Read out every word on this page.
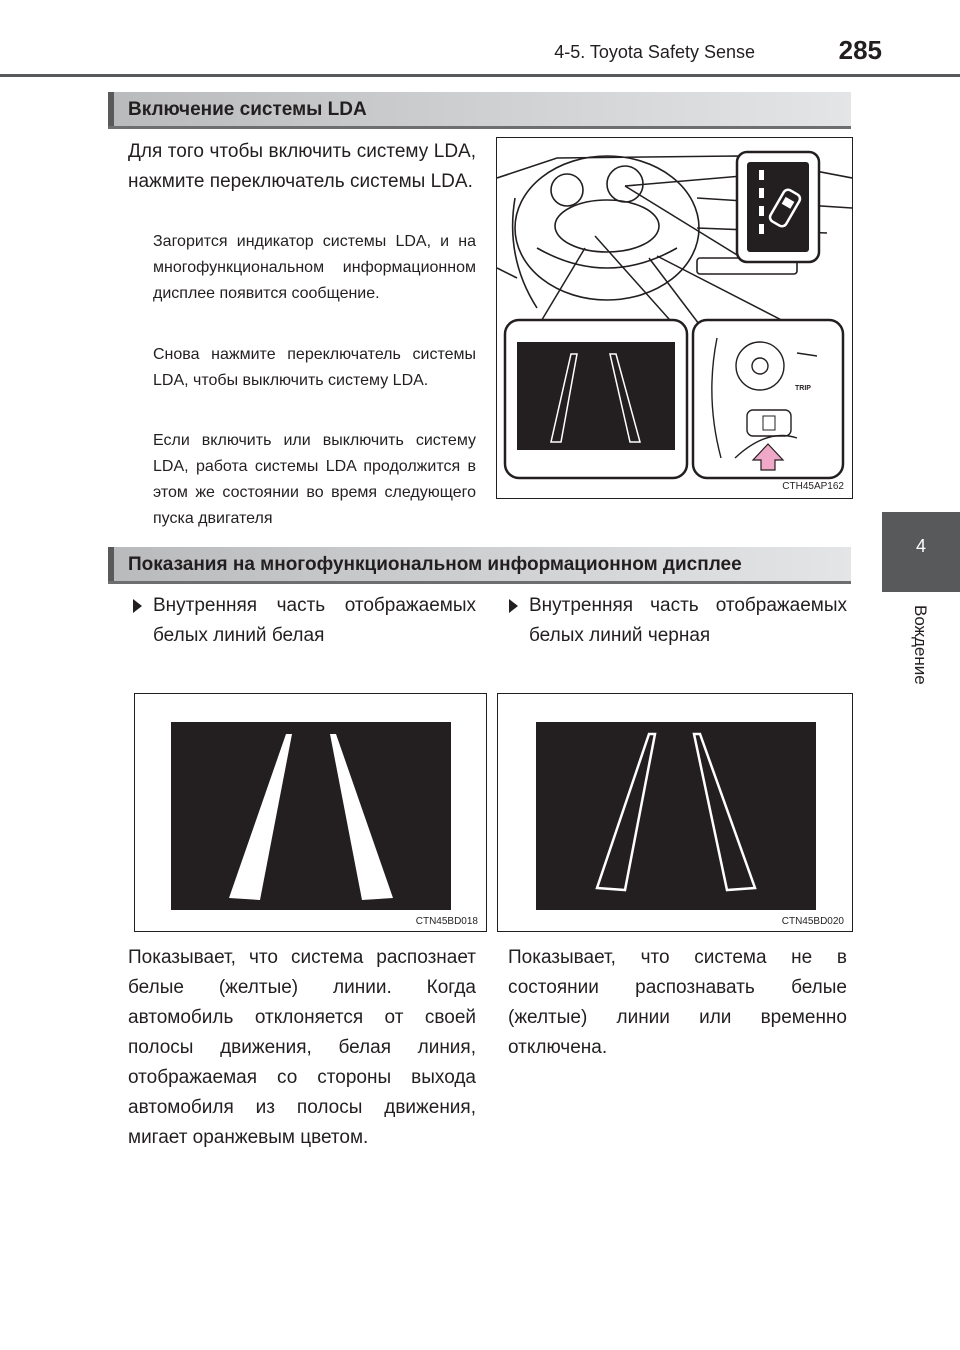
4-5. Toyota Safety Sense	285
4
Вождение
Включение системы LDA
Для того чтобы включить систему LDA, нажмите переключатель системы LDA.
Загорится индикатор системы LDA, и на многофункциональном информационном дисплее появится сообщение.
Снова нажмите переключатель системы LDA, чтобы выключить систему LDA.
Если включить или выключить систему LDA, работа системы LDA продолжится в этом же состоянии во время следующего пуска двигателя
TRIP
CTH45AP162
Показания на многофункциональном информационном дисплее
Внутренняя часть отображаемых белых линий белая
Внутренняя часть отображаемых белых линий черная
CTN45BD018	CTN45BD020
Показывает, что система распознает белые (желтые) линии. Когда автомобиль отклоняется от своей полосы движения, белая линия, отображаемая со стороны выхода автомобиля из полосы движения, мигает оранжевым цветом.
Показывает, что система не в состоянии распознавать белые (желтые) линии или временно отключена.
